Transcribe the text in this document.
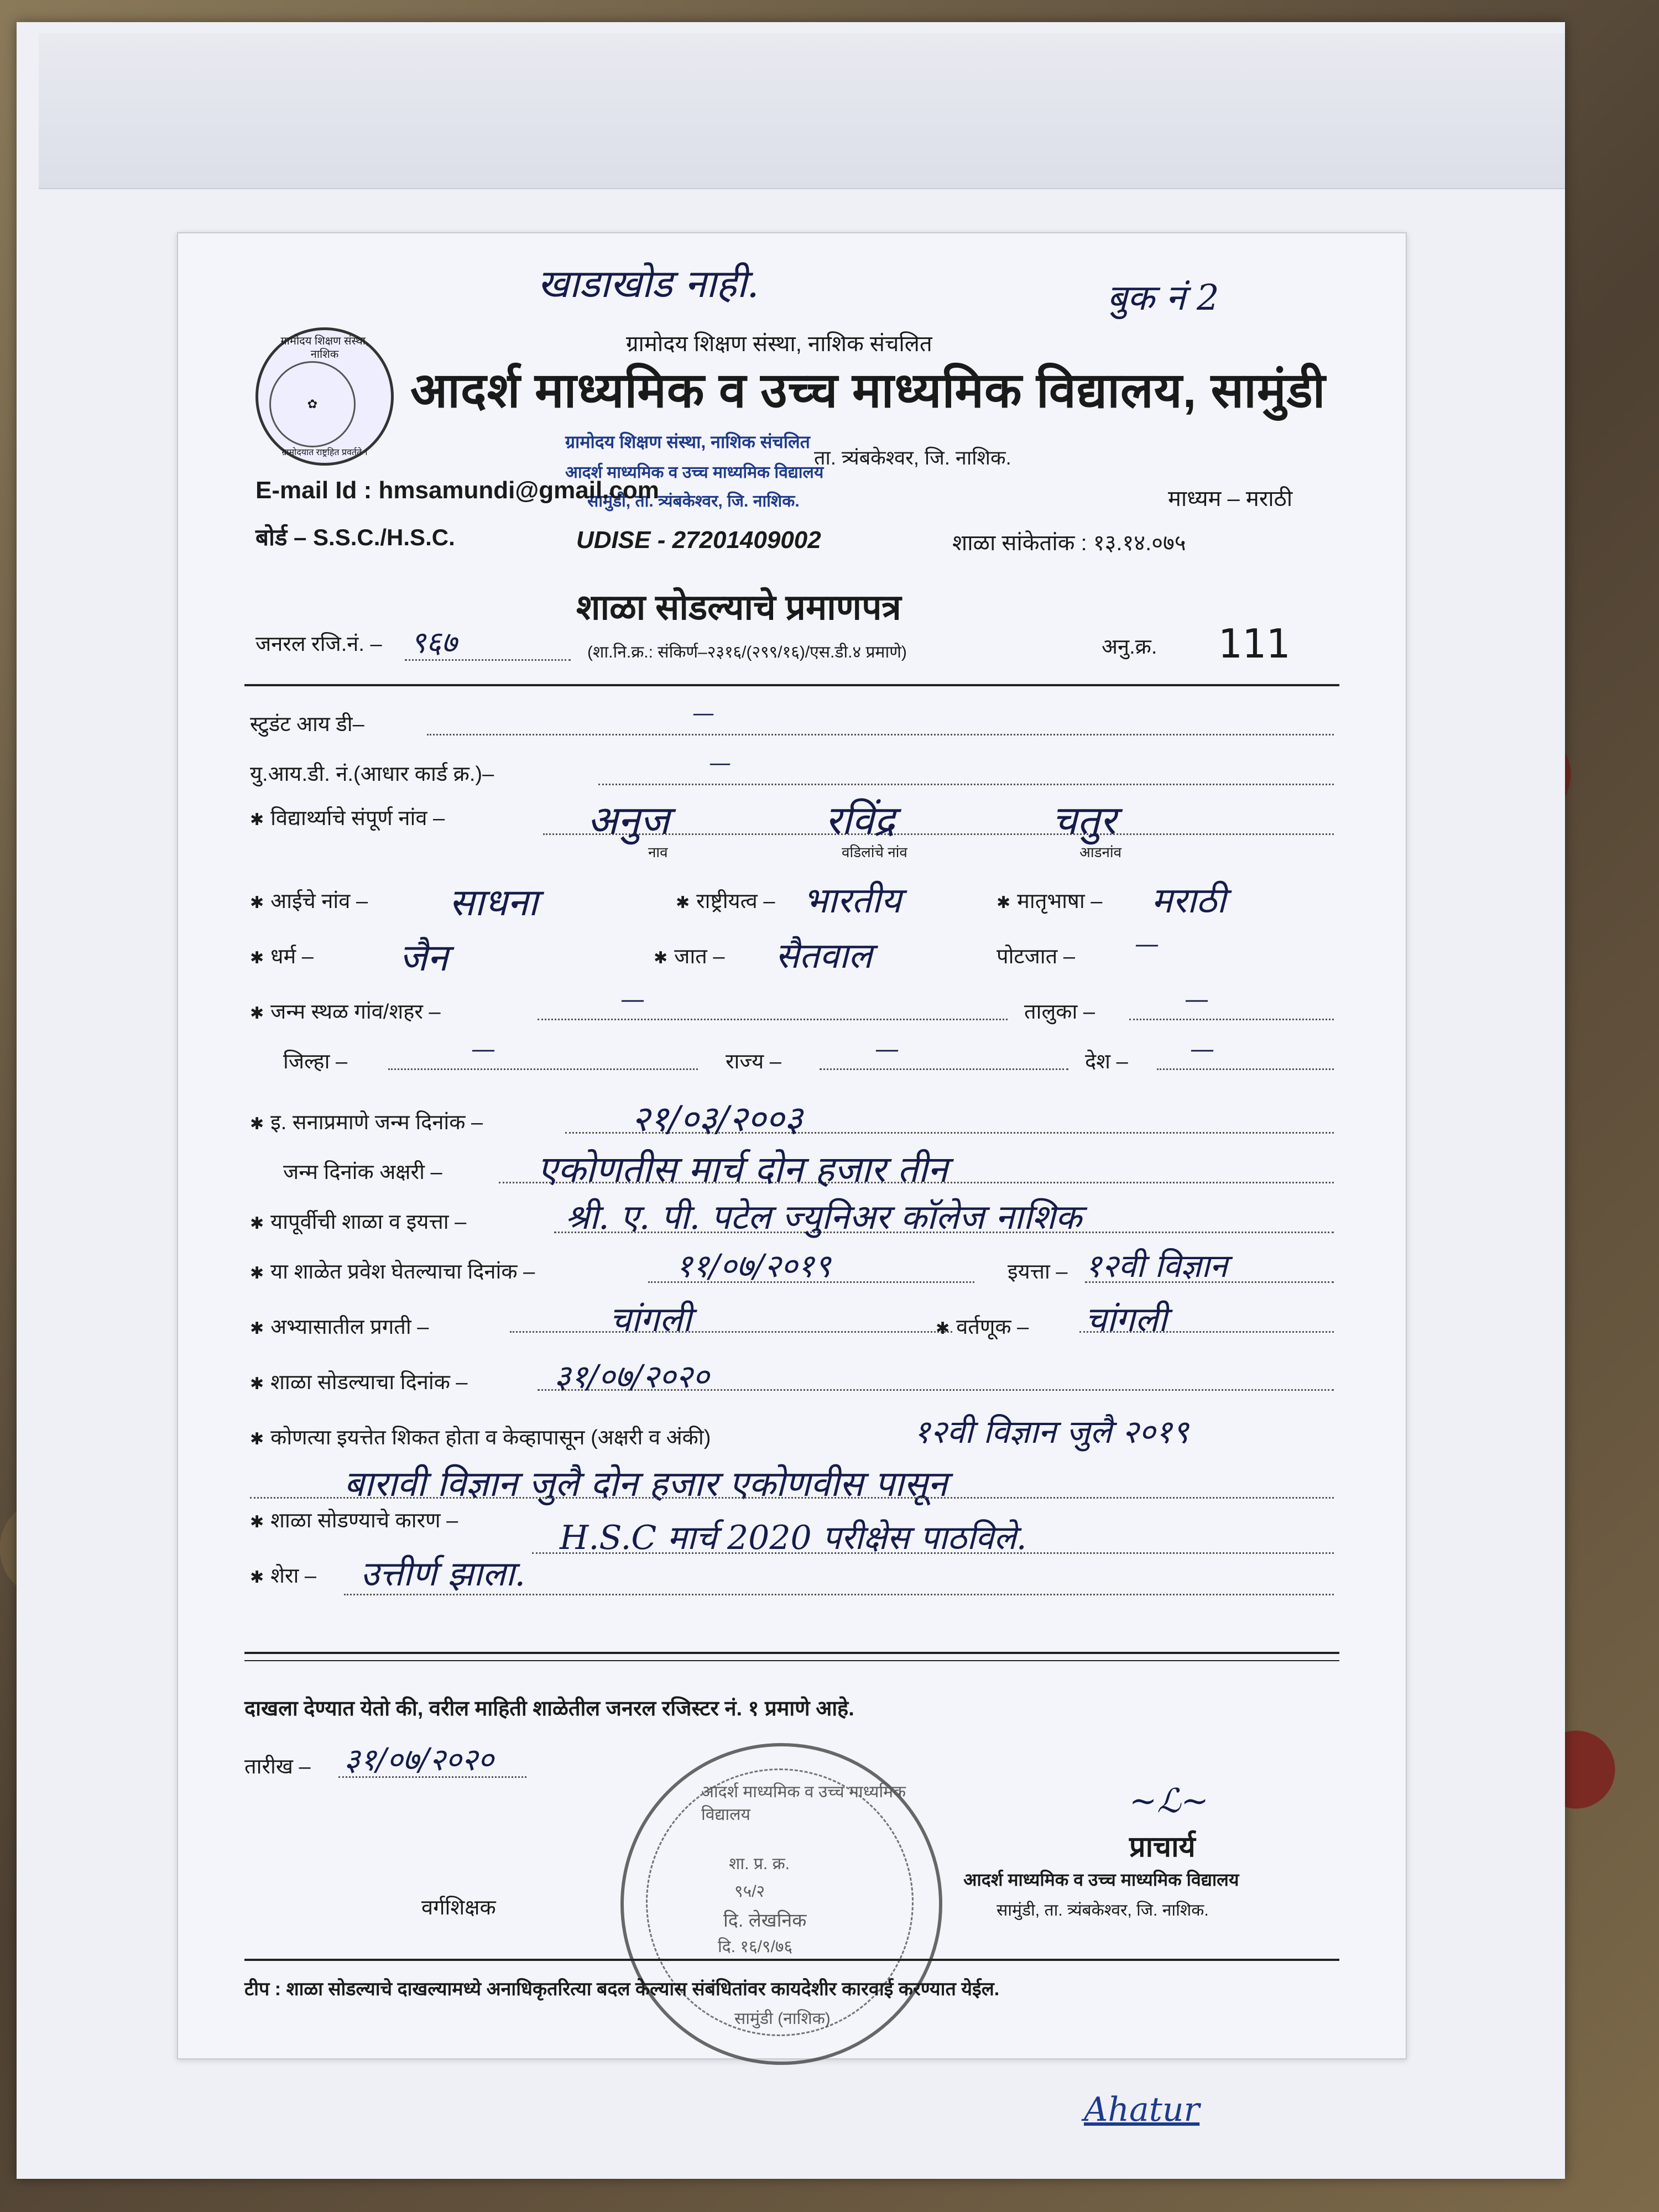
खाडाखोड नाही.	बुक नं 2
ग्रामोदय शिक्षण संस्था, नाशिक संचलित
ग्रामोदय शिक्षण संस्था, नाशिक
✿
ग्रामोदयात राष्ट्रहित प्रवर्तते ।
आदर्श माध्यमिक व उच्च माध्यमिक विद्यालय, सामुंडी
ग्रामोदय शिक्षण संस्था, नाशिक संचलित
ता. त्र्यंबकेश्वर, जि. नाशिक.
आदर्श माध्यमिक व उच्च माध्यमिक विद्यालय
सामुंडी, ता. त्र्यंबकेश्वर, जि. नाशिक.
E-mail Id : hmsamundi@gmail.com	माध्यम – मराठी
बोर्ड – S.S.C./H.S.C.	UDISE - 27201409002	शाळा सांकेतांक : १३.१४.०७५
शाळा सोडल्याचे प्रमाणपत्र
जनरल रजि.नं. – ९६७	(शा.नि.क्र.: संकिर्ण–२३१६/(२९९/१६)/एस.डी.४ प्रमाणे)	अनु.क्र. 111
स्टुडंट आय डी–	—
यु.आय.डी. नं.(आधार कार्ड क्र.)–	—
✱ विद्यार्थ्याचे संपूर्ण नांव –	अनुज	रविंद्र	चतुर
नाव	वडिलांचे नांव	आडनांव
✱ आईचे नांव – साधना	✱ राष्ट्रीयत्व – भारतीय	✱ मातृभाषा – मराठी
✱ धर्म – जैन	✱ जात – सैतवाल	पोटजात – —
✱ जन्म स्थळ गांव/शहर –	—	तालुका –	—
जिल्हा –	—	राज्य –	—	देश –	—
✱ इ. सनाप्रमाणे जन्म दिनांक –	२१/०३/२००३
जन्म दिनांक अक्षरी –	एकोणतीस मार्च दोन हजार तीन
✱ यापूर्वीची शाळा व इयत्ता –	श्री. ए. पी. पटेल ज्युनिअर कॉलेज नाशिक
✱ या शाळेत प्रवेश घेतल्याचा दिनांक –	११/०७/२०१९	इयत्ता – १२वी विज्ञान
✱ अभ्यासातील प्रगती –	चांगली	✱ वर्तणूक – चांगली
✱ शाळा सोडल्याचा दिनांक –	३१/०७/२०२०
✱ कोणत्या इयत्तेत शिकत होता व केव्हापासून (अक्षरी व अंकी)	१२वी विज्ञान जुलै २०१९
बारावी विज्ञान जुलै दोन हजार एकोणवीस पासून
✱ शाळा सोडण्याचे कारण –	H.S.C मार्च 2020 परीक्षेस पाठविले.
✱ शेरा – उत्तीर्ण झाला.
दाखला देण्यात येतो की, वरील माहिती शाळेतील जनरल रजिस्टर नं. १ प्रमाणे आहे.
तारीख – ३१/०७/२०२०
वर्गशिक्षक
~ℒ~
प्राचार्य
आदर्श माध्यमिक व उच्च माध्यमिक विद्यालय
सामुंडी, ता. त्र्यंबकेश्वर, जि. नाशिक.
आदर्श माध्यमिक व उच्च माध्यमिक विद्यालय
शा. प्र. क्र.
९५/२
दि. लेखनिक
दि. १६/९/७६
सामुंडी (नाशिक)
टीप : शाळा सोडल्याचे दाखल्यामध्ये अनाधिकृतरित्या बदल केल्यास संबंधितांवर कायदेशीर कारवाई करण्यात येईल.
Ahatur
